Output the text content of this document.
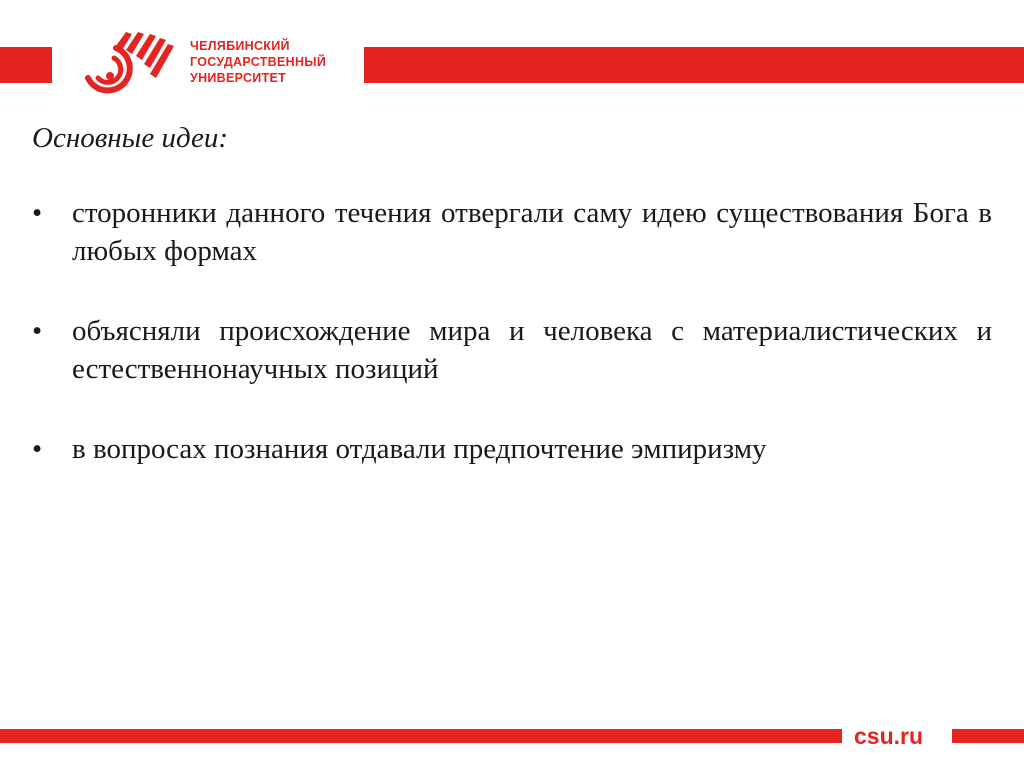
ЧЕЛЯБИНСКИЙ
ГОСУДАРСТВЕННЫЙ
УНИВЕРСИТЕТ
Основные идеи:
•	сторонники данного течения отвергали саму идею существования Бога в любых формах
•	объясняли происхождение мира и человека с материалистических и естественнонаучных позиций
•	в вопросах познания отдавали предпочтение эмпиризму
csu.ru
